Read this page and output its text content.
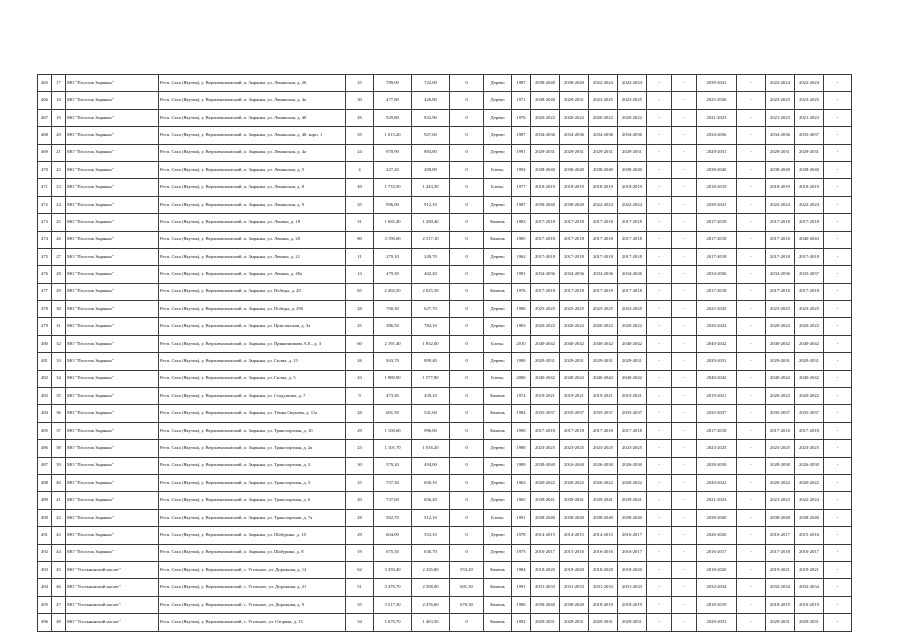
465	17	МО "Поселок Зырянка"	Респ. Саха (Якутия), у. Верхнеколымский, п. Зырянка, ул. Ленинская, д. 26	25	789,00	722,00	0	Дерево	1987	2038-2040	2038-2040	2022-2024	2022-2024	-	-	2039-2041	-	2022-2024	2022-2024	-
466	18	МО "Поселок Зырянка"	Респ. Саха (Якутия), у. Верхнеколымский, п. Зырянка, ул. Ленинская, д. 4а	30	477,80	426,80	0	Дерево	1971	2038-2040	2029-2031	2023-2025	2023-2025	-	-	2025-2026	-	2023-2025	2023-2025	-
467	19	МО "Поселок Зырянка"	Респ. Саха (Якутия), у. Верхнеколымский, п. Зырянка, ул. Ленинская, д. 40	26	929,80	832,90	0	Дерево	1976	2020-2022	2020-2022	2020-2022	2020-2022	-	-	2021-2023	-	2021-2023	2021-2023	-
468	20	МО "Поселок Зырянка"	Респ. Саха (Якутия), у. Верхнеколымский, п. Зырянка, ул. Ленинская, д. 40, корп. 1	35	1 013,20	927,60	0	Дерево	1987	2034-2036	2034-2036	2034-2036	2034-2036	-	-	2034-2036	-	2034-2036	2035-2037	-
469	21	МО "Поселок Зырянка"	Респ. Саха (Якутия), у. Верхнеколымский, п. Зырянка, ул. Ленинская, д. 4а	24	970,90	894,80	0	Дерево	1991	2029-2031	2029-2031	2029-2031	2029-2031	-	-	2029-2031	-	2029-2031	2029-2031	-
470	22	МО "Поселок Зырянка"	Респ. Саха (Якутия), у. Верхнеколымский, п. Зырянка, ул. Ленинская, д. 5	4	227,20	209,80	0	Блочн.	1992	2038-2040	2038-2040	2038-2040	2038-2040	-	-	2038-2040	-	2038-2040	2038-2040	-
471	23	МО "Поселок Зырянка"	Респ. Саха (Якутия), у. Верхнеколымский, п. Зырянка, ул. Ленинская, д. 8	49	1 733,50	1 443,50	0	Блочн.	1977	2018-2019	2018-2019	2018-2019	2018-2019	-	-	2018-2019	-	2018-2019	2018-2019	-
472	24	МО "Поселок Зырянка"	Респ. Саха (Якутия), у. Верхнеколымский, п. Зырянка, ул. Ленинская, д. 9	35	996,00	912,10	0	Дерево	1987	2038-2040	2038-2040	2022-2024	2022-2024	-	-	2039-2041	-	2022-2024	2022-2024	-
473	25	МО "Поселок Зырянка"	Респ. Саха (Якутия), у. Верхнеколымский, п. Зырянка, ул. Ленина, д. 18	31	1 665,40	1 290,40	0	Камень	1983	2017-2018	2017-2018	2017-2018	2017-2018	-	-	2017-2018	-	2017-2018	2017-2018	-
474	26	МО "Поселок Зырянка"	Респ. Саха (Якутия), у. Верхнеколымский, п. Зырянка, ул. Ленина, д. 20	80	3 190,00	2 517,10	0	Камень	1985	2017-2018	2017-2018	2017-2018	2017-2018	-	-	2017-2018	-	2017-2018	2040-2043	-
475	27	МО "Поселок Зырянка"	Респ. Саха (Якутия), у. Верхнеколымский, п. Зырянка, ул. Ленина, д. 21	11	279,10	249,70	0	Дерево	1962	2017-2018	2017-2018	2017-2018	2017-2018	-	-	2017-2018	-	2017-2018	2017-2018	-
476	28	МО "Поселок Зырянка"	Респ. Саха (Якутия), у. Верхнеколымский, п. Зырянка, ул. Ленина, д. 40а	13	479,30	402,20	0	Дерево	1991	2034-2036	2034-2036	2034-2036	2034-2036	-	-	2034-2036	-	2034-2036	2035-2037	-
477	29	МО "Поселок Зырянка"	Респ. Саха (Якутия), у. Верхнеколымский, п. Зырянка, ул. Победы, д. 20	65	2 492,50	2 025,50	0	Камень	1976	2017-2018	2017-2018	2017-2018	2017-2018	-	-	2017-2018	-	2017-2018	2017-2018	-
478	30	МО "Поселок Зырянка"	Респ. Саха (Якутия), у. Верхнеколымский, п. Зырянка, ул. Победы, д. 29б	28	700,30	627,70	0	Дерево	1988	2025-2025	2025-2025	2025-2025	2023-2025	-	-	2025-2025	-	2023-2025	2023-2025	-
479	31	МО "Поселок Зырянка"	Респ. Саха (Якутия), у. Верхнеколымский, п. Зырянка, ул. Пристанская, д. 3а	25	386,50	784,10	0	Дерево	1963	2020-2022	2020-2022	2020-2022	2020-2022	-	-	2020-2022	-	2020-2022	2020-2022	-
480	32	МО "Поселок Зырянка"	Респ. Саха (Якутия), у. Верхнеколымский, п. Зырянка, ул. Пряничникова А.Е., д. 3	60	2 191,40	1 832,00	0	Блочн.	2010	2040-2042	2040-2042	2040-2042	2040-2042	-	-	2040-2042	-	2040-2042	2040-2042	-
481	33	МО "Поселок Зырянка"	Респ. Саха (Якутия), у. Верхнеколымский, п. Зырянка, ул. Силиа, д. 15	26	943,70	899,40	0	Дерево	1990	2029-2031	2029-2031	2029-2031	2029-2031	-	-	2029-2031	-	2029-2031	2029-2031	-
482	34	МО "Поселок Зырянка"	Респ. Саха (Якутия), у. Верхнеколымский, п. Зырянка, ул. Силиа, д. 5	43	1 880,90	1 577,80	0	Блочн.	2006	2040-2042	2040-2042	2040-2042	2040-2042	-	-	2040-2042	-	2040-2042	2040-2042	-
483	35	МО "Поселок Зырянка"	Респ. Саха (Якутия), у. Верхнеколымский, п. Зырянка, ул. Стадушина, д. 7	9	473,30	439,10	0	Камень	1974	2019-2021	2019-2021	2019-2021	2019-2021	-	-	2019-2021	-	2020-2022	2020-2022	-
484	36	МО "Поселок Зырянка"	Респ. Саха (Якутия), у. Верхнеколымский, п. Зырянка, ул. Тёмна Окунева, д. 11а	28	601,50	541,60	0	Камень	1984	2035-2037	2035-2037	2035-2037	2035-2037	-	-	2035-2037	-	2035-2037	2035-2037	-
485	37	МО "Поселок Зырянка"	Респ. Саха (Якутия), у. Верхнеколымский, п. Зырянка, ул. Транспортная, д. 10	29	1 100,60	996,80	0	Камень	1990	2017-2018	2017-2018	2017-2018	2017-2018	-	-	2017-2018	-	2017-2018	2017-2018	-
486	38	МО "Поселок Зырянка"	Респ. Саха (Якутия), у. Верхнеколымский, п. Зырянка, ул. Транспортная, д. 2а	23	1 101,70	1 016,20	0	Дерево	1988	2023-2025	2023-2025	2023-2025	2023-2025	-	-	2023-2025	-	2023-2025	2023-2025	-
487	39	МО "Поселок Зырянка"	Респ. Саха (Якутия), у. Верхнеколымский, п. Зырянка, ул. Транспортная, д. 3	30	579,20	494,00	0	Дерево	1989	2038-2040	2016-2040	2026-2030	2026-2030	-	-	2028-2030	-	2028-2030	2026-2030	-
488	40	МО "Поселок Зырянка"	Респ. Саха (Якутия), у. Верхнеколымский, п. Зырянка, ул. Транспортная, д. 5	25	737,30	650,10	0	Дерево	1963	2020-2022	2020-2022	2020-2022	2020-2022	-	-	2020-2022	-	2020-2022	2020-2022	-
489	41	МО "Поселок Зырянка"	Респ. Саха (Якутия), у. Верхнеколымский, п. Зырянка, ул. Транспортная, д. 6	20	737,60	656,20	0	Дерево	1965	2039-2041	2039-2041	2039-2041	2039-2041	-	-	2021-2023	-	2021-2023	2022-2024	-
490	42	МО "Поселок Зырянка"	Респ. Саха (Якутия), у. Верхнеколымский, п. Зырянка, ул. Транспортная, д. 7а	28	502,70	512,10	0	Блочн.	1991	2038-2040	2038-2040	2038-2040	2038-2040	-	-	2038-2040	-	2038-2040	2038-2040	-
491	43	МО "Поселок Зырянка"	Респ. Саха (Якутия), у. Верхнеколымский, п. Зырянка, ул. Шабурина, д. 10	29	604,00	553,10	0	Дерево	1978	2014-2015	2014-2015	2014-2015	2016-2017	-	-	2026-2026	-	2016-2017	2015-2016	-
492	44	МО "Поселок Зырянка"	Респ. Саха (Якутия), у. Верхнеколымский, п. Зырянка, ул. Шабурина, д. 8	19	675,50	630,70	0	Дерево	1975	2016-2017	2015-2016	2016-2016	2016-2017	-	-	2016-2017	-	2017-2018	2016-2017	-
493	45	МО "Угольнинский наслег"	Респ. Саха (Якутия), у. Верхнеколымский, с. Угольное, ул. Дорожная, д. 12	62	3 359,40	2 435,80	553,20	Камень	1984	2018-2020	2018-2020	2018-2020	2018-2020	-	-	2018-2020	-	2019-2021	2019-2021	-
494	46	МО "Угольнинский наслег"	Респ. Саха (Якутия), у. Верхнеколымский, с. Угольное, ул. Дорожная, д. 21	51	3 479,70	2 508,00	601,30	Камень	1991	2031-2033	2031-2033	2031-2033	2031-2033	-	-	2032-2034	-	2032-2034	2032-2034	-
495	47	МО "Угольнинский наслег"	Респ. Саха (Якутия), у. Верхнеколымский, с. Угольное, ул. Дорожная, д. 9	55	3 517,30	2 476,60	670,30	Камень	1980	2038-2040	2038-2040	2018-2019	2018-2019	-	-	2018-2019	-	2018-2019	2018-2019	-
496	48	МО "Угольнинский наслег"	Респ. Саха (Якутия), у. Верхнеколымский, с. Угольное, ул. Оторвая, д. 15	34	1 670,70	1 463,50	0	Камень	1992	2029-2031	2029-2031	2029-2031	2029-2031	-	-	2029-2031	-	2029-2031	2029-2031	-
